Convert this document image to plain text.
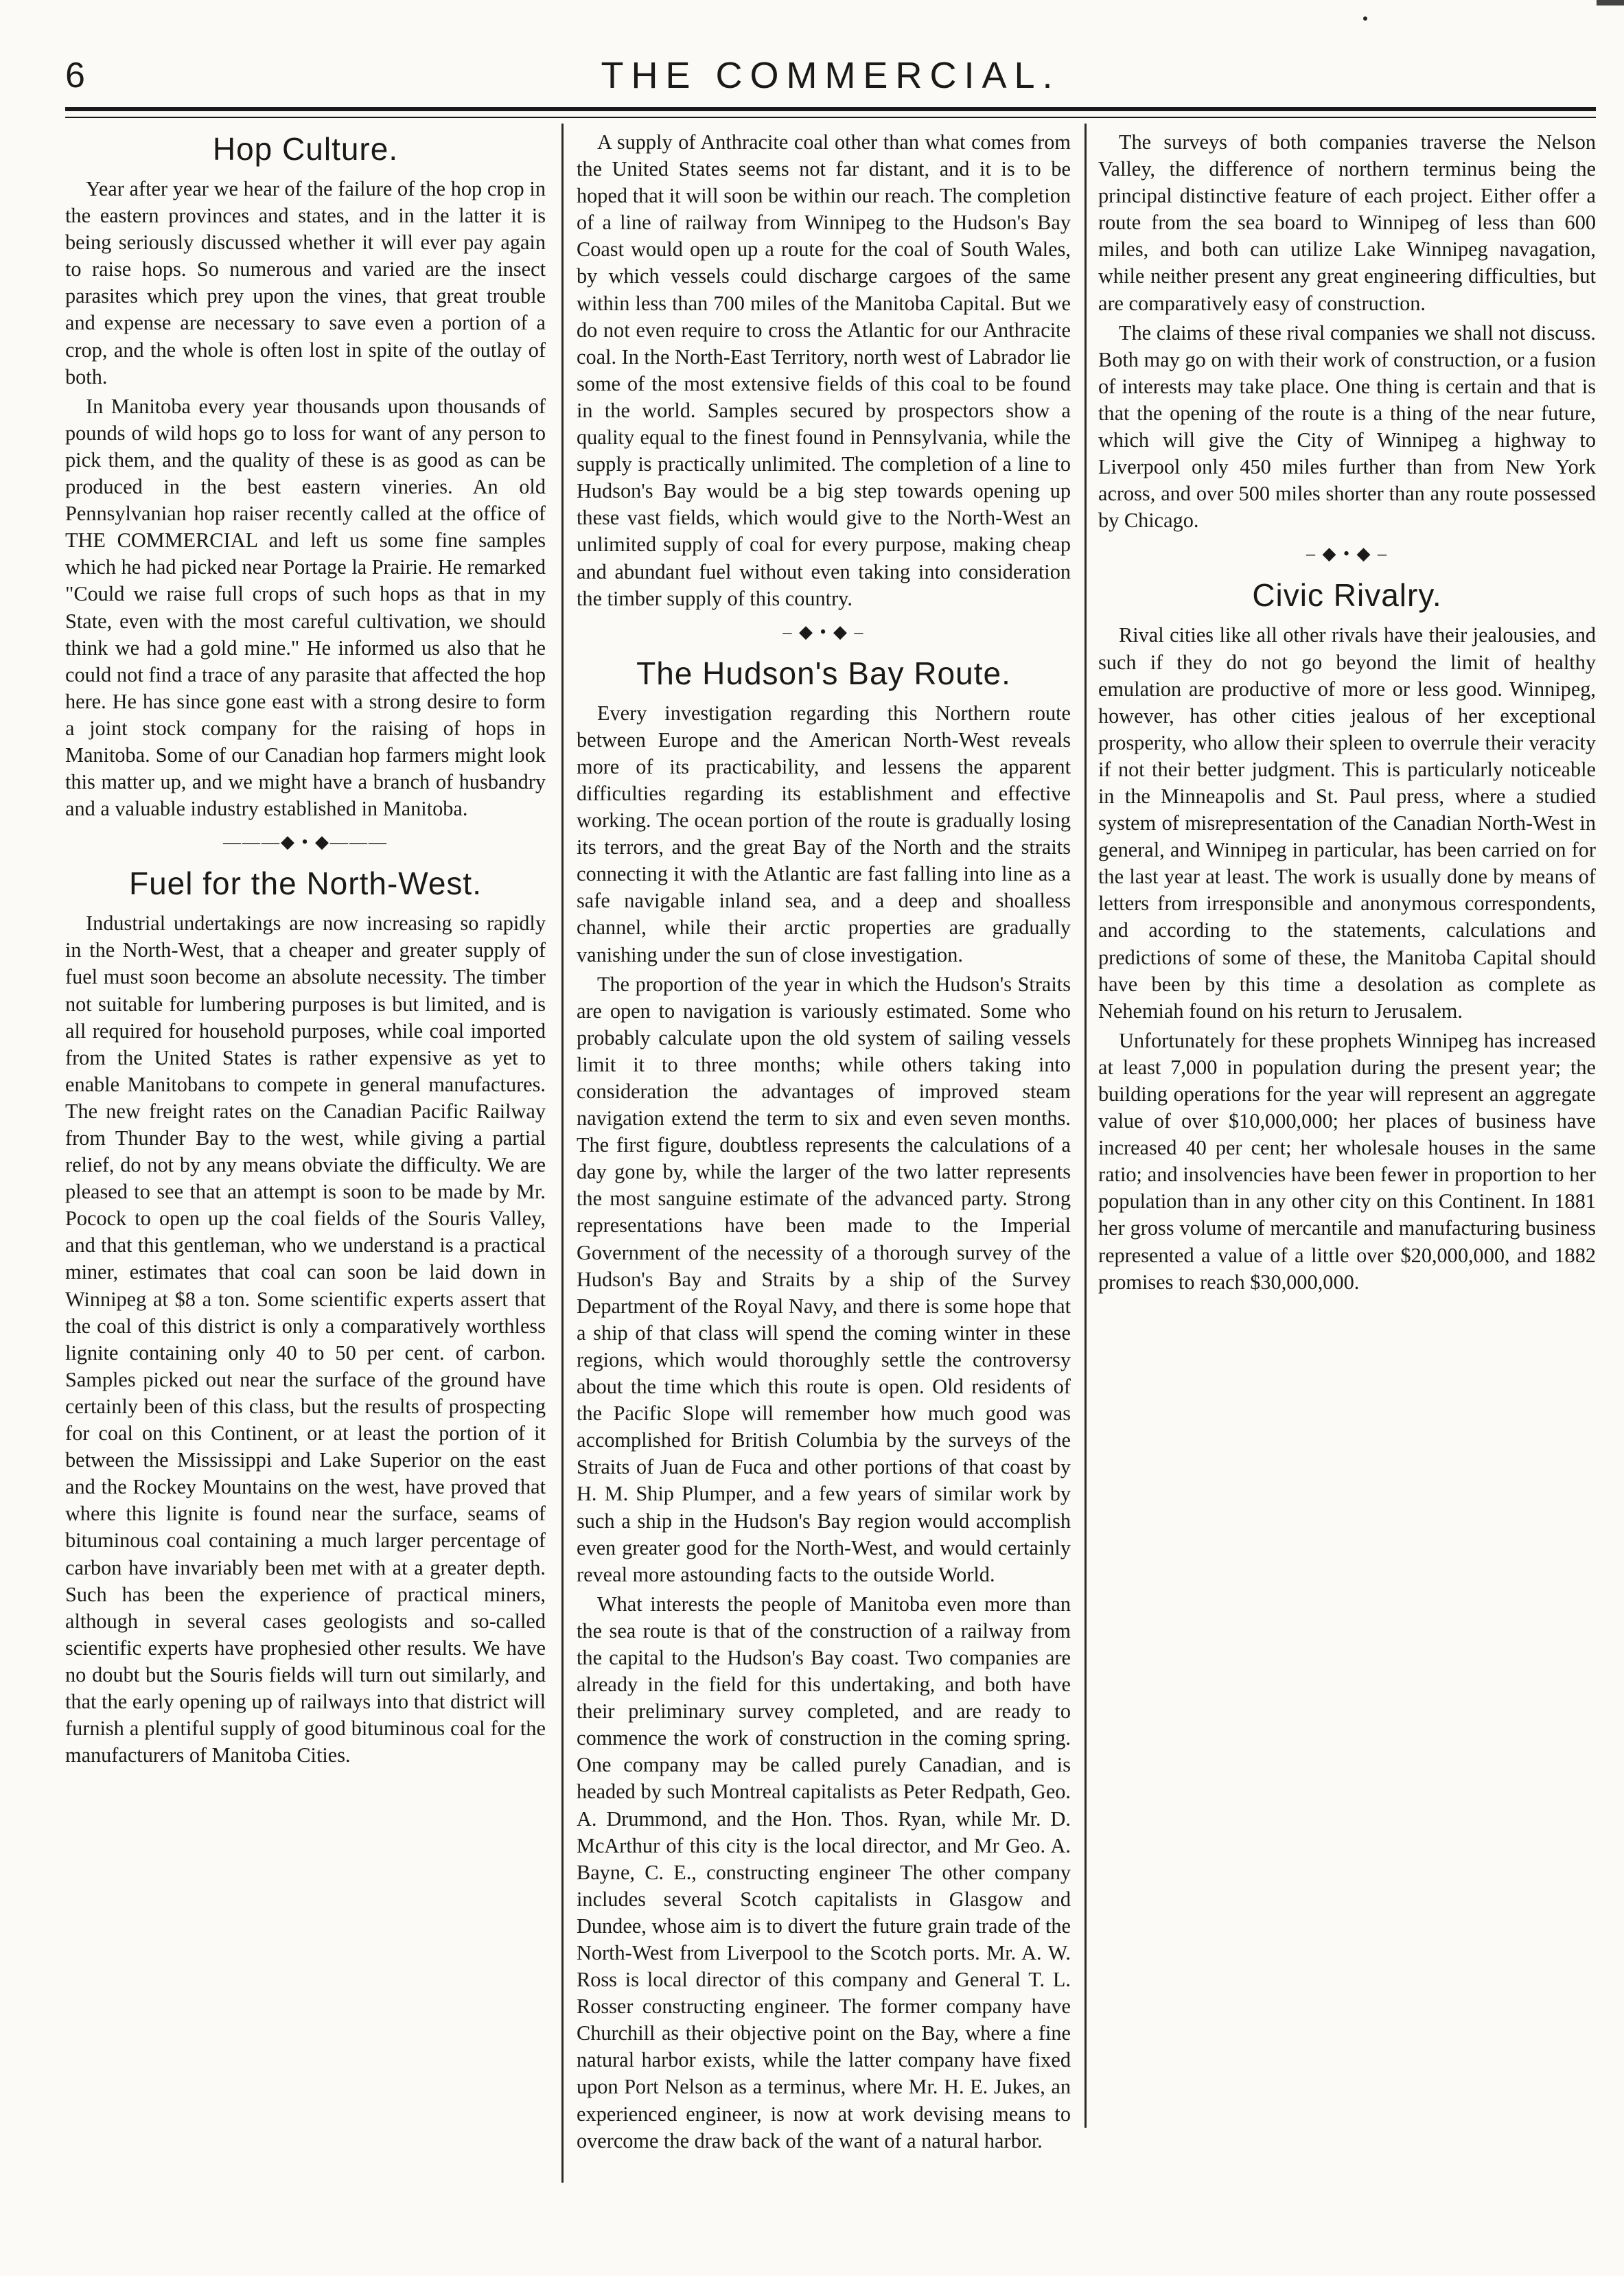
6	THE COMMERCIAL.
Hop Culture.

Year after year we hear of the failure of the hop crop in the eastern provinces and states, and in the latter it is being seriously discussed whether it will ever pay again to raise hops. So numerous and varied are the insect parasites which prey upon the vines, that great trouble and expense are necessary to save even a portion of a crop, and the whole is often lost in spite of the outlay of both.

In Manitoba every year thousands upon thousands of pounds of wild hops go to loss for want of any person to pick them, and the quality of these is as good as can be produced in the best eastern vineries. An old Pennsylvanian hop raiser recently called at the office of THE COMMERCIAL and left us some fine samples which he had picked near Portage la Prairie. He remarked "Could we raise full crops of such hops as that in my State, even with the most careful cultivation, we should think we had a gold mine." He informed us also that he could not find a trace of any parasite that affected the hop here. He has since gone east with a strong desire to form a joint stock company for the raising of hops in Manitoba. Some of our Canadian hop farmers might look this matter up, and we might have a branch of husbandry and a valuable industry established in Manitoba.

———◆ • ◆———
Fuel for the North-West.

Industrial undertakings are now increasing so rapidly in the North-West, that a cheaper and greater supply of fuel must soon become an absolute necessity. The timber not suitable for lumbering purposes is but limited, and is all required for household purposes, while coal imported from the United States is rather expensive as yet to enable Manitobans to compete in general manufactures. The new freight rates on the Canadian Pacific Railway from Thunder Bay to the west, while giving a partial relief, do not by any means obviate the difficulty. We are pleased to see that an attempt is soon to be made by Mr. Pocock to open up the coal fields of the Souris Valley, and that this gentleman, who we understand is a practical miner, estimates that coal can soon be laid down in Winnipeg at $8 a ton. Some scientific experts assert that the coal of this district is only a comparatively worthless lignite containing only 40 to 50 per cent. of carbon. Samples picked out near the surface of the ground have certainly been of this class, but the results of prospecting for coal on this Continent, or at least the portion of it between the Mississippi and Lake Superior on the east and the Rockey Mountains on the west, have proved that where this lignite is found near the surface, seams of bituminous coal containing a much larger percentage of carbon have invariably been met with at a greater depth. Such has been the experience of practical miners, although in several cases geologists and so-called scientific experts have prophesied other results. We have no doubt but the Souris fields will turn out similarly, and that the early opening up of railways into that district will furnish a plentiful supply of good bituminous coal for the manufacturers of Manitoba Cities.

A supply of Anthracite coal other than what comes from the United States seems not far distant, and it is to be hoped that it will soon be within our reach. The completion of a line of railway from Winnipeg to the Hudson's Bay Coast would open up a route for the coal of South Wales, by which vessels could discharge cargoes of the same within less than 700 miles of the Manitoba Capital. But we do not even require to cross the Atlantic for our Anthracite coal. In the North-East Territory, north west of Labrador lie some of the most extensive fields of this coal to be found in the world. Samples secured by prospectors show a quality equal to the finest found in Pennsylvania, while the supply is practically unlimited. The completion of a line to Hudson's Bay would be a big step towards opening up these vast fields, which would give to the North-West an unlimited supply of coal for every purpose, making cheap and abundant fuel without even taking into consideration the timber supply of this country.

– ◆ • ◆ –
The Hudson's Bay Route.

Every investigation regarding this Northern route between Europe and the American North-West reveals more of its practicability, and lessens the apparent difficulties regarding its establishment and effective working. The ocean portion of the route is gradually losing its terrors, and the great Bay of the North and the straits connecting it with the Atlantic are fast falling into line as a safe navigable inland sea, and a deep and shoalless channel, while their arctic properties are gradually vanishing under the sun of close investigation.

The proportion of the year in which the Hudson's Straits are open to navigation is variously estimated. Some who probably calculate upon the old system of sailing vessels limit it to three months; while others taking into consideration the advantages of improved steam navigation extend the term to six and even seven months. The first figure, doubtless represents the calculations of a day gone by, while the larger of the two latter represents the most sanguine estimate of the advanced party. Strong representations have been made to the Imperial Government of the necessity of a thorough survey of the Hudson's Bay and Straits by a ship of the Survey Department of the Royal Navy, and there is some hope that a ship of that class will spend the coming winter in these regions, which would thoroughly settle the controversy about the time which this route is open. Old residents of the Pacific Slope will remember how much good was accomplished for British Columbia by the surveys of the Straits of Juan de Fuca and other portions of that coast by H. M. Ship Plumper, and a few years of similar work by such a ship in the Hudson's Bay region would accomplish even greater good for the North-West, and would certainly reveal more astounding facts to the outside World.

What interests the people of Manitoba even more than the sea route is that of the construction of a railway from the capital to the Hudson's Bay coast. Two companies are already in the field for this undertaking, and both have their preliminary survey completed, and are ready to commence the work of construction in the coming spring. One company may be called purely Canadian, and is headed by such Montreal capitalists as Peter Redpath, Geo. A. Drummond, and the Hon. Thos. Ryan, while Mr. D. McArthur of this city is the local director, and Mr Geo. A. Bayne, C. E., constructing engineer The other company includes several Scotch capitalists in Glasgow and Dundee, whose aim is to divert the future grain trade of the North-West from Liverpool to the Scotch ports. Mr. A. W. Ross is local director of this company and General T. L. Rosser constructing engineer. The former company have Churchill as their objective point on the Bay, where a fine natural harbor exists, while the latter company have fixed upon Port Nelson as a terminus, where Mr. H. E. Jukes, an experienced engineer, is now at work devising means to overcome the draw back of the want of a natural harbor.

The surveys of both companies traverse the Nelson Valley, the difference of northern terminus being the principal distinctive feature of each project. Either offer a route from the sea board to Winnipeg of less than 600 miles, and both can utilize Lake Winnipeg navagation, while neither present any great engineering difficulties, but are comparatively easy of construction.

The claims of these rival companies we shall not discuss. Both may go on with their work of construction, or a fusion of interests may take place. One thing is certain and that is that the opening of the route is a thing of the near future, which will give the City of Winnipeg a highway to Liverpool only 450 miles further than from New York across, and over 500 miles shorter than any route possessed by Chicago.

– ◆ • ◆ –
Civic Rivalry.

Rival cities like all other rivals have their jealousies, and such if they do not go beyond the limit of healthy emulation are productive of more or less good. Winnipeg, however, has other cities jealous of her exceptional prosperity, who allow their spleen to overrule their veracity if not their better judgment. This is particularly noticeable in the Minneapolis and St. Paul press, where a studied system of misrepresentation of the Canadian North-West in general, and Winnipeg in particular, has been carried on for the last year at least. The work is usually done by means of letters from irresponsible and anonymous correspondents, and according to the statements, calculations and predictions of some of these, the Manitoba Capital should have been by this time a desolation as complete as Nehemiah found on his return to Jerusalem.

Unfortunately for these prophets Winnipeg has increased at least 7,000 in population during the present year; the building operations for the year will represent an aggregate value of over $10,000,000; her places of business have increased 40 per cent; her wholesale houses in the same ratio; and insolvencies have been fewer in proportion to her population than in any other city on this Continent. In 1881 her gross volume of mercantile and manufacturing business represented a value of a little over $20,000,000, and 1882 promises to reach $30,000,000.
